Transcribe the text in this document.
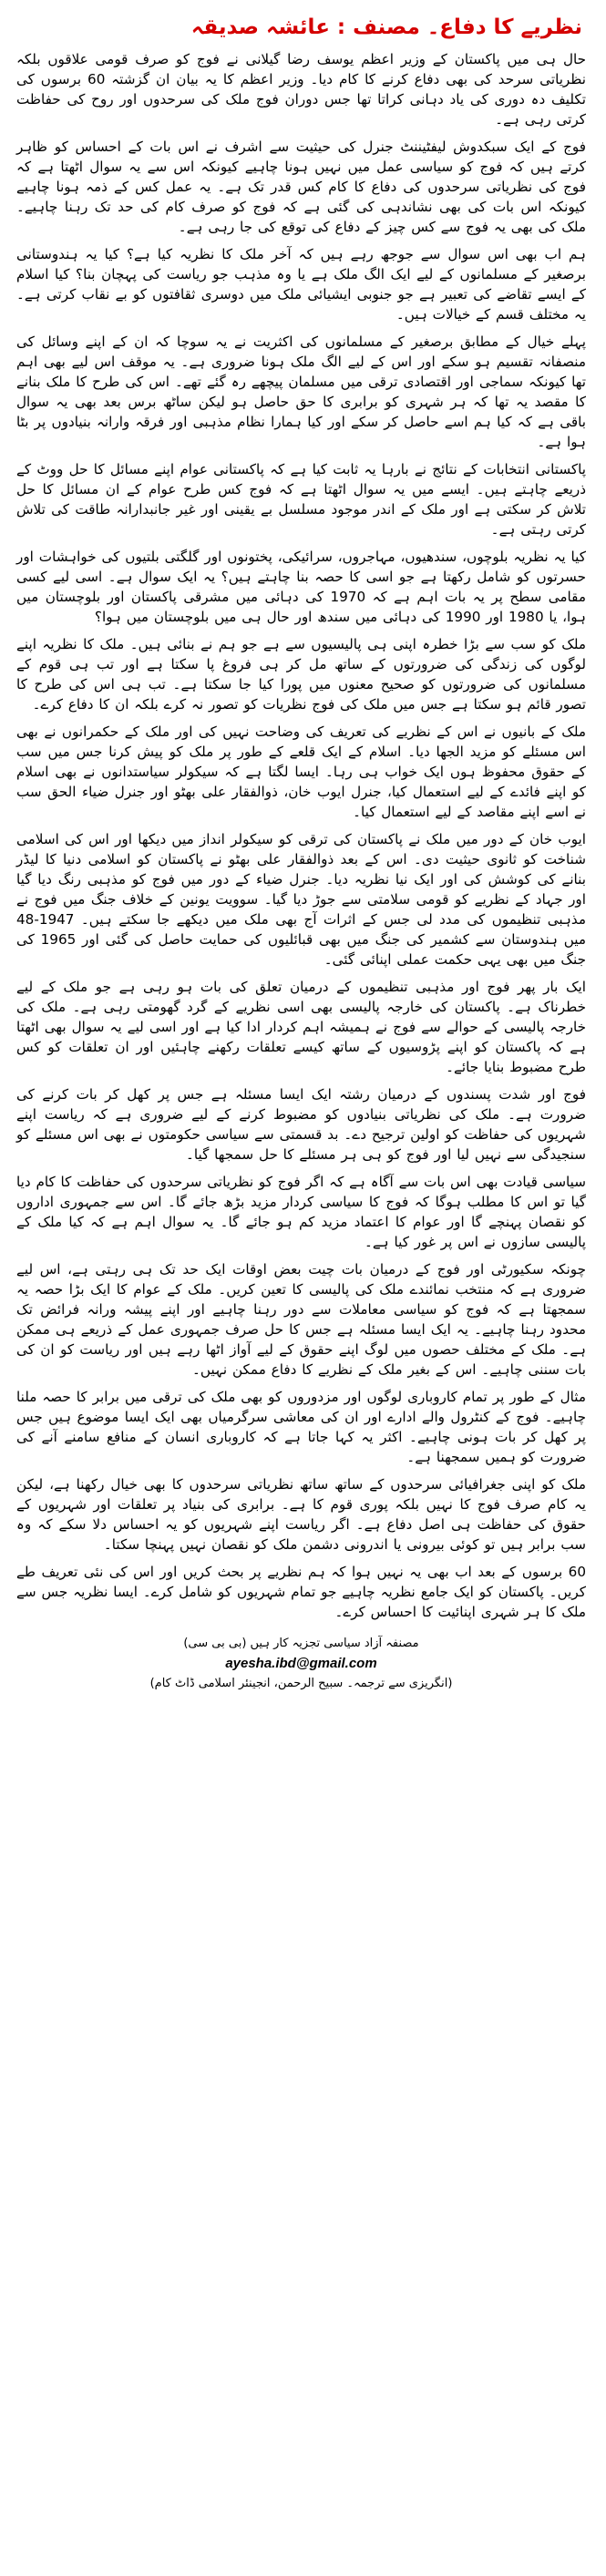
نظریے کا دفاع۔ مصنف : عائشہ صدیقہ

حال ہی میں پاکستان کے وزیر اعظم یوسف رضا گیلانی نے فوج کو صرف قومی علاقوں بلکہ نظریاتی سرحد کی بھی دفاع کرنے کا کام دیا۔ وزیر اعظم کا یہ بیان ان گزشتہ 60 برسوں کی تکلیف دہ دوری کی یاد دہانی کراتا تھا جس دوران فوج ملک کی سرحدوں اور روح کی حفاظت کرتی رہی ہے۔

فوج کے ایک سبکدوش لیفٹیننٹ جنرل کی حیثیت سے اشرف نے اس بات کے احساس کو ظاہر کرتے ہیں کہ فوج کو سیاسی عمل میں نہیں ہونا چاہیے کیونکہ اس سے یہ سوال اٹھتا ہے کہ فوج کی نظریاتی سرحدوں کی دفاع کا کام کس قدر تک ہے۔ یہ عمل کس کے ذمہ ہونا چاہیے کیونکہ اس بات کی بھی نشاندہی کی گئی ہے کہ فوج کو صرف کام کی حد تک رہنا چاہیے۔ ملک کی بھی یہ فوج سے کس چیز کے دفاع کی توقع کی جا رہی ہے۔

ہم اب بھی اس سوال سے جوجھ رہے ہیں کہ آخر ملک کا نظریہ کیا ہے؟ کیا یہ ہندوستانی برصغیر کے مسلمانوں کے لیے ایک الگ ملک ہے یا وہ مذہب جو ریاست کی پہچان بنا؟ کیا اسلام کے ایسے تقاضے کی تعبیر ہے جو جنوبی ایشیائی ملک میں دوسری ثقافتوں کو بے نقاب کرتی ہے۔ یہ مختلف قسم کے خیالات ہیں۔

پہلے خیال کے مطابق برصغیر کے مسلمانوں کی اکثریت نے یہ سوچا کہ ان کے اپنے وسائل کی منصفانہ تقسیم ہو سکے اور اس کے لیے الگ ملک ہونا ضروری ہے۔ یہ موقف اس لیے بھی اہم تھا کیونکہ سماجی اور اقتصادی ترقی میں مسلمان پیچھے رہ گئے تھے۔ اس کی طرح کا ملک بنانے کا مقصد یہ تھا کہ ہر شہری کو برابری کا حق حاصل ہو لیکن ساٹھ برس بعد بھی یہ سوال باقی ہے کہ کیا ہم اسے حاصل کر سکے اور کیا ہمارا نظام مذہبی اور فرقہ وارانہ بنیادوں پر بٹا ہوا ہے۔

پاکستانی انتخابات کے نتائج نے بارہا یہ ثابت کیا ہے کہ پاکستانی عوام اپنے مسائل کا حل ووٹ کے ذریعے چاہتے ہیں۔ ایسے میں یہ سوال اٹھتا ہے کہ فوج کس طرح عوام کے ان مسائل کا حل تلاش کر سکتی ہے اور ملک کے اندر موجود مسلسل بے یقینی اور غیر جانبدارانہ طاقت کی تلاش کرتی رہتی ہے۔

کیا یہ نظریہ بلوچوں، سندھیوں، مہاجروں، سرائیکی، پختونوں اور گلگتی بلتیوں کی خواہشات اور حسرتوں کو شامل رکھتا ہے جو اسی کا حصہ بنا چاہتے ہیں؟ یہ ایک سوال ہے۔ اسی لیے کسی مقامی سطح پر یہ بات اہم ہے کہ 1970 کی دہائی میں مشرقی پاکستان اور بلوچستان میں ہوا، یا 1980 اور 1990 کی دہائی میں سندھ اور حال ہی میں بلوچستان میں ہوا؟

ملک کو سب سے بڑا خطرہ اپنی ہی پالیسیوں سے ہے جو ہم نے بنائی ہیں۔ ملک کا نظریہ اپنے لوگوں کی زندگی کی ضرورتوں کے ساتھ مل کر ہی فروغ پا سکتا ہے اور تب ہی قوم کے مسلمانوں کی ضرورتوں کو صحیح معنوں میں پورا کیا جا سکتا ہے۔ تب ہی اس کی طرح کا تصور قائم ہو سکتا ہے جس میں ملک کی فوج نظریات کو تصور نہ کرے بلکہ ان کا دفاع کرے۔

ملک کے بانیوں نے اس کے نظریے کی تعریف کی وضاحت نہیں کی اور ملک کے حکمرانوں نے بھی اس مسئلے کو مزید الجھا دیا۔ اسلام کے ایک قلعے کے طور پر ملک کو پیش کرنا جس میں سب کے حقوق محفوظ ہوں ایک خواب ہی رہا۔ ایسا لگتا ہے کہ سیکولر سیاستدانوں نے بھی اسلام کو اپنے فائدے کے لیے استعمال کیا، جنرل ایوب خان، ذوالفقار علی بھٹو اور جنرل ضیاء الحق سب نے اسے اپنے مقاصد کے لیے استعمال کیا۔

ایوب خان کے دور میں ملک نے پاکستان کی ترقی کو سیکولر انداز میں دیکھا اور اس کی اسلامی شناخت کو ثانوی حیثیت دی۔ اس کے بعد ذوالفقار علی بھٹو نے پاکستان کو اسلامی دنیا کا لیڈر بنانے کی کوشش کی اور ایک نیا نظریہ دیا۔ جنرل ضیاء کے دور میں فوج کو مذہبی رنگ دیا گیا اور جہاد کے نظریے کو قومی سلامتی سے جوڑ دیا گیا۔ سوویت یونین کے خلاف جنگ میں فوج نے مذہبی تنظیموں کی مدد لی جس کے اثرات آج بھی ملک میں دیکھے جا سکتے ہیں۔ 1947-48 میں ہندوستان سے کشمیر کی جنگ میں بھی قبائلیوں کی حمایت حاصل کی گئی اور 1965 کی جنگ میں بھی یہی حکمت عملی اپنائی گئی۔

ایک بار پھر فوج اور مذہبی تنظیموں کے درمیان تعلق کی بات ہو رہی ہے جو ملک کے لیے خطرناک ہے۔ پاکستان کی خارجہ پالیسی بھی اسی نظریے کے گرد گھومتی رہی ہے۔ ملک کی خارجہ پالیسی کے حوالے سے فوج نے ہمیشہ اہم کردار ادا کیا ہے اور اسی لیے یہ سوال بھی اٹھتا ہے کہ پاکستان کو اپنے پڑوسیوں کے ساتھ کیسے تعلقات رکھنے چاہئیں اور ان تعلقات کو کس طرح مضبوط بنایا جائے۔

فوج اور شدت پسندوں کے درمیان رشتہ ایک ایسا مسئلہ ہے جس پر کھل کر بات کرنے کی ضرورت ہے۔ ملک کی نظریاتی بنیادوں کو مضبوط کرنے کے لیے ضروری ہے کہ ریاست اپنے شہریوں کی حفاظت کو اولین ترجیح دے۔ بد قسمتی سے سیاسی حکومتوں نے بھی اس مسئلے کو سنجیدگی سے نہیں لیا اور فوج کو ہی ہر مسئلے کا حل سمجھا گیا۔

سیاسی قیادت بھی اس بات سے آگاہ ہے کہ اگر فوج کو نظریاتی سرحدوں کی حفاظت کا کام دیا گیا تو اس کا مطلب ہوگا کہ فوج کا سیاسی کردار مزید بڑھ جائے گا۔ اس سے جمہوری اداروں کو نقصان پہنچے گا اور عوام کا اعتماد مزید کم ہو جائے گا۔ یہ سوال اہم ہے کہ کیا ملک کے پالیسی سازوں نے اس پر غور کیا ہے۔

چونکہ سکیورٹی اور فوج کے درمیان بات چیت بعض اوقات ایک حد تک ہی رہتی ہے، اس لیے ضروری ہے کہ منتخب نمائندے ملک کی پالیسی کا تعین کریں۔ ملک کے عوام کا ایک بڑا حصہ یہ سمجھتا ہے کہ فوج کو سیاسی معاملات سے دور رہنا چاہیے اور اپنے پیشہ ورانہ فرائض تک محدود رہنا چاہیے۔ یہ ایک ایسا مسئلہ ہے جس کا حل صرف جمہوری عمل کے ذریعے ہی ممکن ہے۔ ملک کے مختلف حصوں میں لوگ اپنے حقوق کے لیے آواز اٹھا رہے ہیں اور ریاست کو ان کی بات سننی چاہیے۔ اس کے بغیر ملک کے نظریے کا دفاع ممکن نہیں۔

مثال کے طور پر تمام کاروباری لوگوں اور مزدوروں کو بھی ملک کی ترقی میں برابر کا حصہ ملنا چاہیے۔ فوج کے کنٹرول والے ادارے اور ان کی معاشی سرگرمیاں بھی ایک ایسا موضوع ہیں جس پر کھل کر بات ہونی چاہیے۔ اکثر یہ کہا جاتا ہے کہ کاروباری انسان کے منافع سامنے آنے کی ضرورت کو ہمیں سمجھنا ہے۔

ملک کو اپنی جغرافیائی سرحدوں کے ساتھ ساتھ نظریاتی سرحدوں کا بھی خیال رکھنا ہے، لیکن یہ کام صرف فوج کا نہیں بلکہ پوری قوم کا ہے۔ برابری کی بنیاد پر تعلقات اور شہریوں کے حقوق کی حفاظت ہی اصل دفاع ہے۔ اگر ریاست اپنے شہریوں کو یہ احساس دلا سکے کہ وہ سب برابر ہیں تو کوئی بیرونی یا اندرونی دشمن ملک کو نقصان نہیں پہنچا سکتا۔

60 برسوں کے بعد اب بھی یہ نہیں ہوا کہ ہم نظریے پر بحث کریں اور اس کی نئی تعریف طے کریں۔ پاکستان کو ایک جامع نظریہ چاہیے جو تمام شہریوں کو شامل کرے۔ ایسا نظریہ جس سے ملک کا ہر شہری اپنائیت کا احساس کرے۔

مصنفہ آزاد سیاسی تجزیہ کار ہیں (بی بی سی)
ayesha.ibd@gmail.com
(انگریزی سے ترجمہ۔ سبیح الرحمن، انجینئر اسلامی ڈاٹ کام)
